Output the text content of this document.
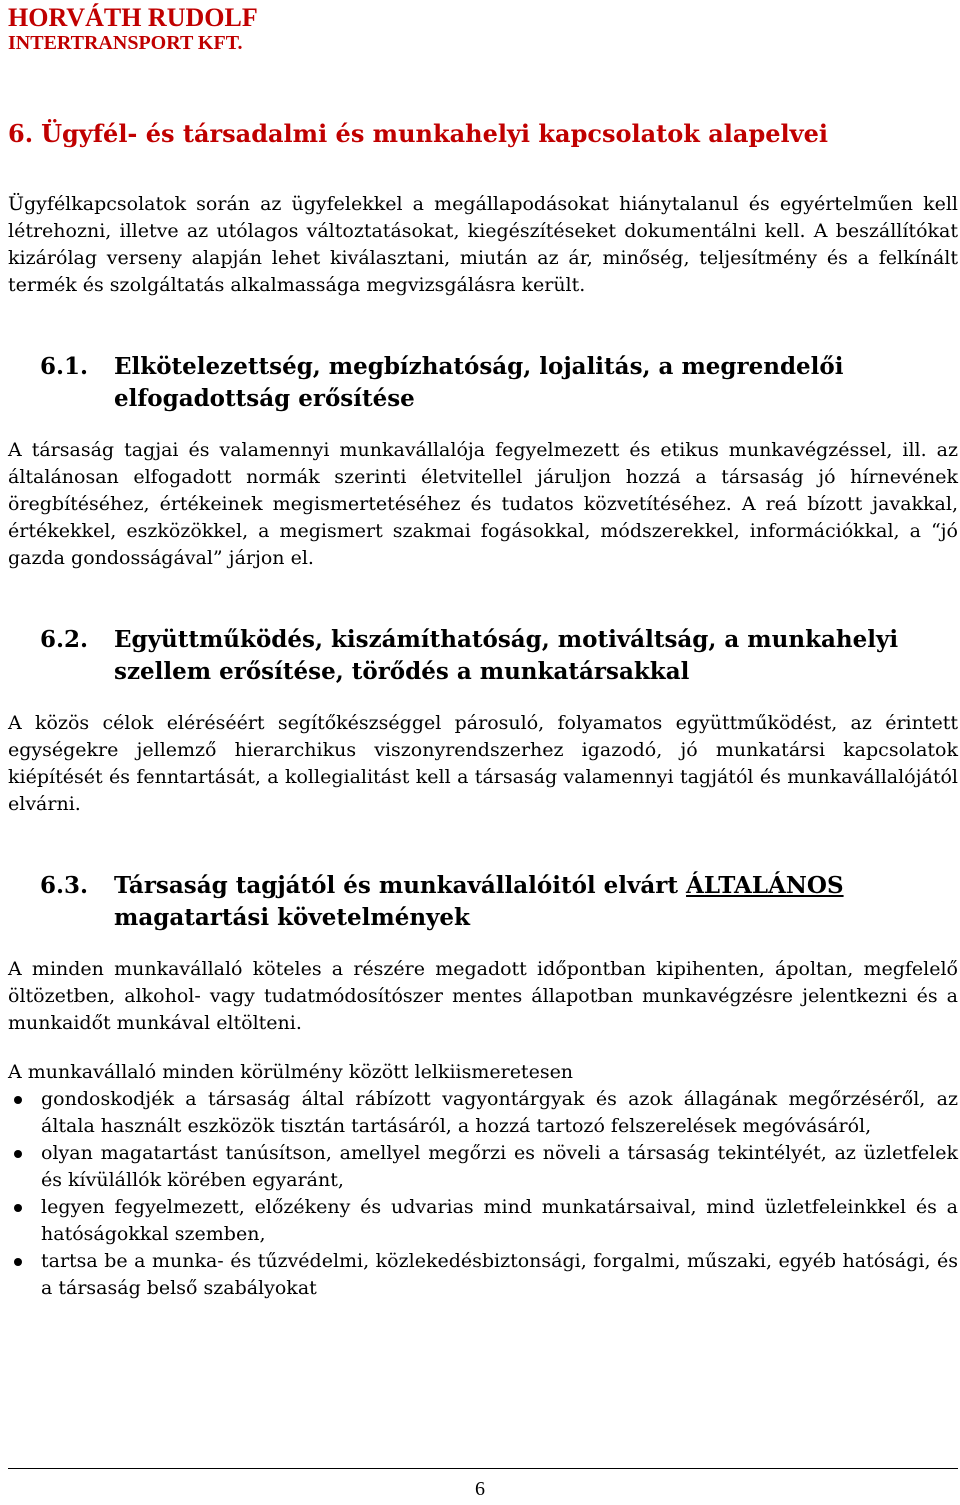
HORVÁTH RUDOLF
INTERTRANSPORT KFT.
6. Ügyfél- és társadalmi és munkahelyi kapcsolatok alapelvei

Ügyfélkapcsolatok során az ügyfelekkel a megállapodásokat hiánytalanul és egyértelműen kell létrehozni, illetve az utólagos változtatásokat, kiegészítéseket dokumentálni kell. A beszállítókat kizárólag verseny alapján lehet kiválasztani, miután az ár, minőség, teljesítmény és a felkínált termék és szolgáltatás alkalmassága megvizsgálásra került.

6.1.	Elkötelezettség, megbízhatóság, lojalitás, a megrendelői elfogadottság erősítése

A társaság tagjai és valamennyi munkavállalója fegyelmezett és etikus munkavégzéssel, ill. az általánosan elfogadott normák szerinti életvitellel járuljon hozzá a társaság jó hírnevének öregbítéséhez, értékeinek megismertetéséhez és tudatos közvetítéséhez. A reá bízott javakkal, értékekkel, eszközökkel, a megismert szakmai fogásokkal, módszerekkel, információkkal, a “jó gazda gondosságával” járjon el.

6.2.	Együttműködés, kiszámíthatóság, motiváltság, a munkahelyi szellem erősítése, törődés a munkatársakkal

A közös célok eléréséért segítőkészséggel párosuló, folyamatos együttműködést, az érintett egységekre jellemző hierarchikus viszonyrendszerhez igazodó, jó munkatársi kapcsolatok kiépítését és fenntartását, a kollegialitást kell a társaság valamennyi tagjától és munkavállalójától elvárni.

6.3.	Társaság tagjától és munkavállalóitól elvárt ÁLTALÁNOS magatartási követelmények

A minden munkavállaló köteles a részére megadott időpontban kipihenten, ápoltan, megfelelő öltözetben, alkohol- vagy tudatmódosítószer mentes állapotban munkavégzésre jelentkezni és a munkaidőt munkával eltölteni.

A munkavállaló minden körülmény között lelkiismeretesen

gondoskodjék a társaság által rábízott vagyontárgyak és azok állagának megőrzéséről, az általa használt eszközök tisztán tartásáról, a hozzá tartozó felszerelések megóvásáról,
olyan magatartást tanúsítson, amellyel megőrzi es növeli a társaság tekintélyét, az üzletfelek és kívülállók körében egyaránt,
legyen fegyelmezett, előzékeny és udvarias mind munkatársaival, mind üzletfeleinkkel és a hatóságokkal szemben,
tartsa be a munka- és tűzvédelmi, közlekedésbiztonsági, forgalmi, műszaki, egyéb hatósági, és a társaság belső szabályokat
6
